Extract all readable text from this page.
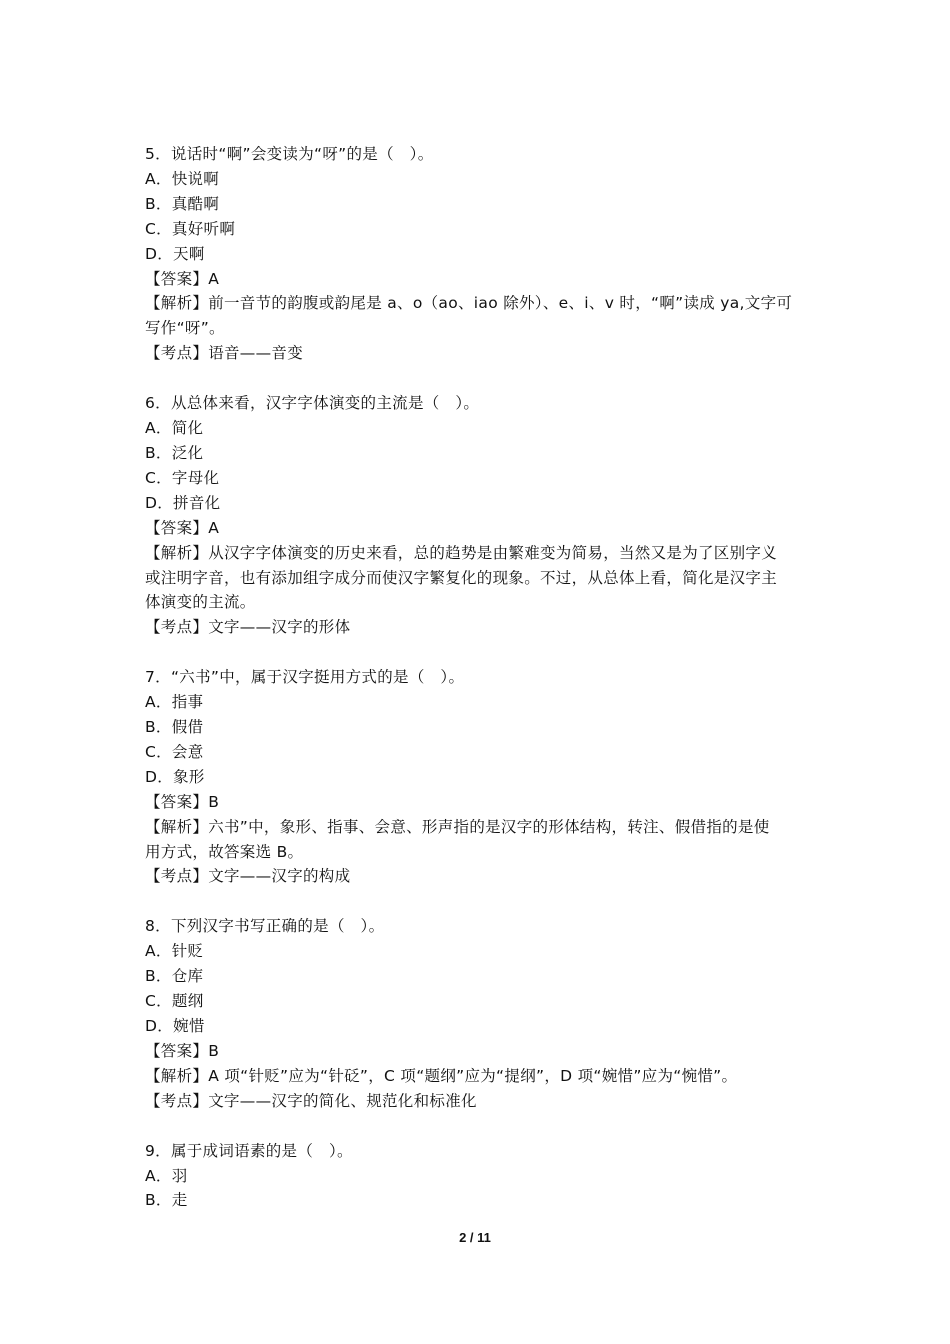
5．说话时“啊”会变读为“呀”的是（　）。
A．快说啊
B．真酷啊
C．真好听啊
D．天啊
【答案】A
【解析】前一音节的韵腹或韵尾是 a、o（ao、iao 除外）、e、i、v 时，“啊”读成 ya,文字可
写作“呀”。
【考点】语音——音变
6．从总体来看，汉字字体演变的主流是（　）。
A．简化
B．泛化
C．字母化
D．拼音化
【答案】A
【解析】从汉字字体演变的历史来看，总的趋势是由繁难变为简易，当然又是为了区别字义
或注明字音，也有添加组字成分而使汉字繁复化的现象。不过，从总体上看，简化是汉字主
体演变的主流。
【考点】文字——汉字的形体
7．“六书”中，属于汉字挺用方式的是（　）。
A．指事
B．假借
C．会意
D．象形
【答案】B
【解析】六书”中，象形、指事、会意、形声指的是汉字的形体结构，转注、假借指的是使
用方式，故答案选 B。
【考点】文字——汉字的构成
8．下列汉字书写正确的是（　）。
A．针贬
B．仓库
C．题纲
D．婉惜
【答案】B
【解析】A 项“针贬”应为“针砭”，C 项“题纲”应为“提纲”，D 项“婉惜”应为“惋惜”。
【考点】文字——汉字的简化、规范化和标准化
9．属于成词语素的是（　）。
A．羽
B．走
2 / 11
